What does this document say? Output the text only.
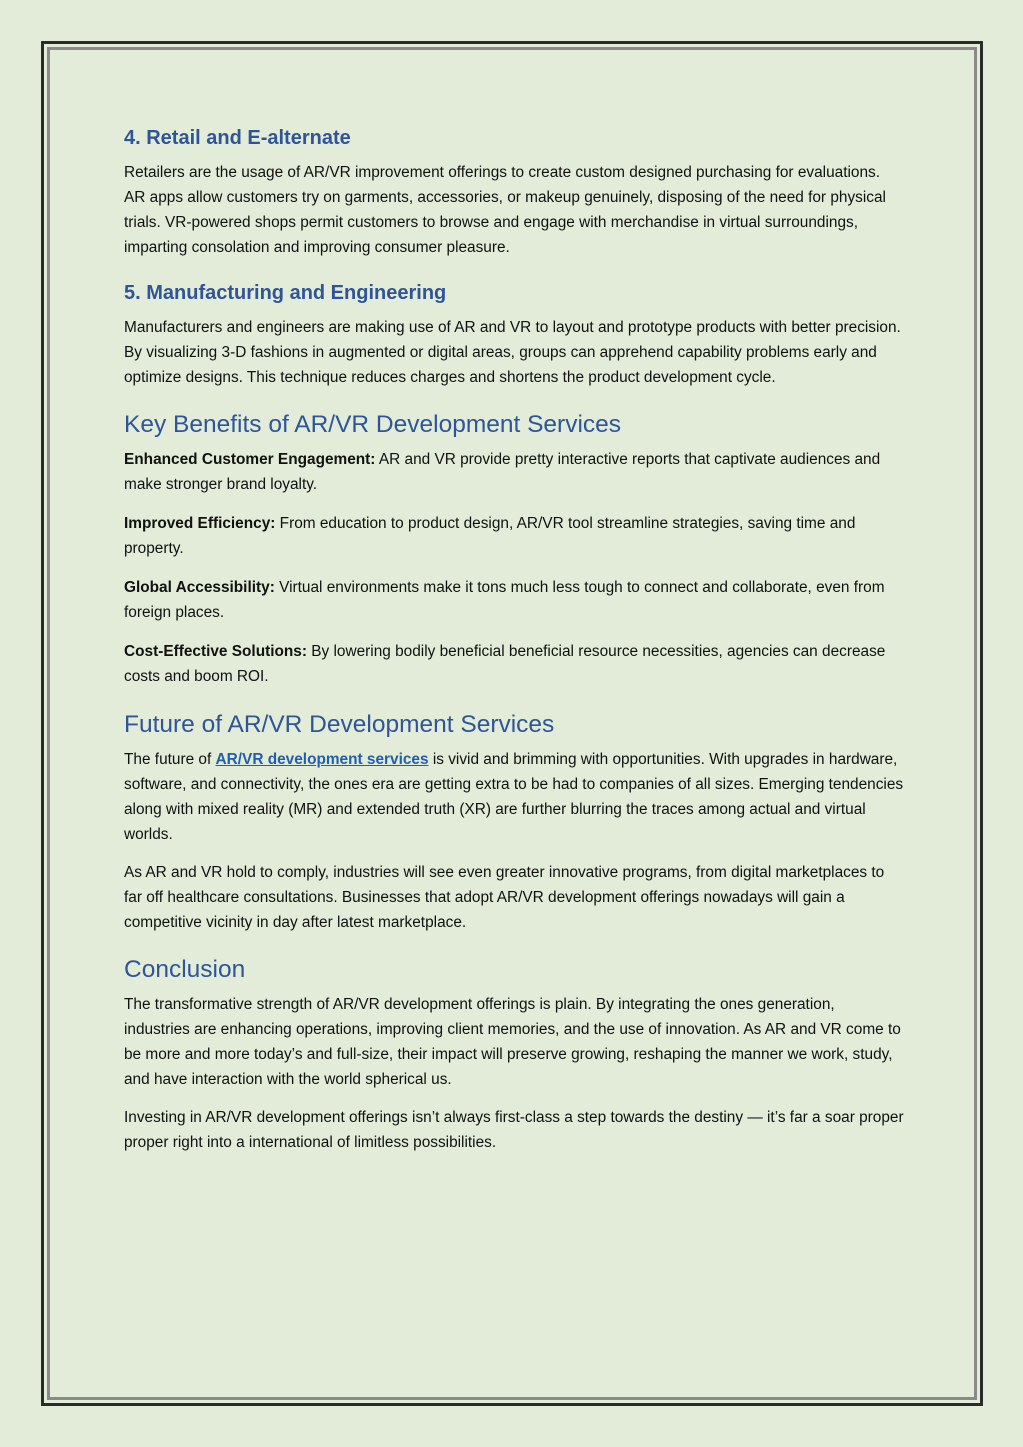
4. Retail and E-alternate

Retailers are the usage of AR/VR improvement offerings to create custom designed purchasing for evaluations. AR apps allow customers try on garments, accessories, or makeup genuinely, disposing of the need for physical trials. VR-powered shops permit customers to browse and engage with merchandise in virtual surroundings, imparting consolation and improving consumer pleasure.

5. Manufacturing and Engineering

Manufacturers and engineers are making use of AR and VR to layout and prototype products with better precision. By visualizing 3-D fashions in augmented or digital areas, groups can apprehend capability problems early and optimize designs. This technique reduces charges and shortens the product development cycle.

Key Benefits of AR/VR Development Services

Enhanced Customer Engagement: AR and VR provide pretty interactive reports that captivate audiences and make stronger brand loyalty.

Improved Efficiency: From education to product design, AR/VR tool streamline strategies, saving time and property.

Global Accessibility: Virtual environments make it tons much less tough to connect and collaborate, even from foreign places.

Cost-Effective Solutions: By lowering bodily beneficial beneficial resource necessities, agencies can decrease costs and boom ROI.

Future of AR/VR Development Services

The future of AR/VR development services is vivid and brimming with opportunities. With upgrades in hardware, software, and connectivity, the ones era are getting extra to be had to companies of all sizes. Emerging tendencies along with mixed reality (MR) and extended truth (XR) are further blurring the traces among actual and virtual worlds.

As AR and VR hold to comply, industries will see even greater innovative programs, from digital marketplaces to far off healthcare consultations. Businesses that adopt AR/VR development offerings nowadays will gain a competitive vicinity in day after latest marketplace.

Conclusion

The transformative strength of AR/VR development offerings is plain. By integrating the ones generation, industries are enhancing operations, improving client memories, and the use of innovation. As AR and VR come to be more and more today’s and full-size, their impact will preserve growing, reshaping the manner we work, study, and have interaction with the world spherical us.

Investing in AR/VR development offerings isn’t always first-class a step towards the destiny — it’s far a soar proper proper right into a international of limitless possibilities.
